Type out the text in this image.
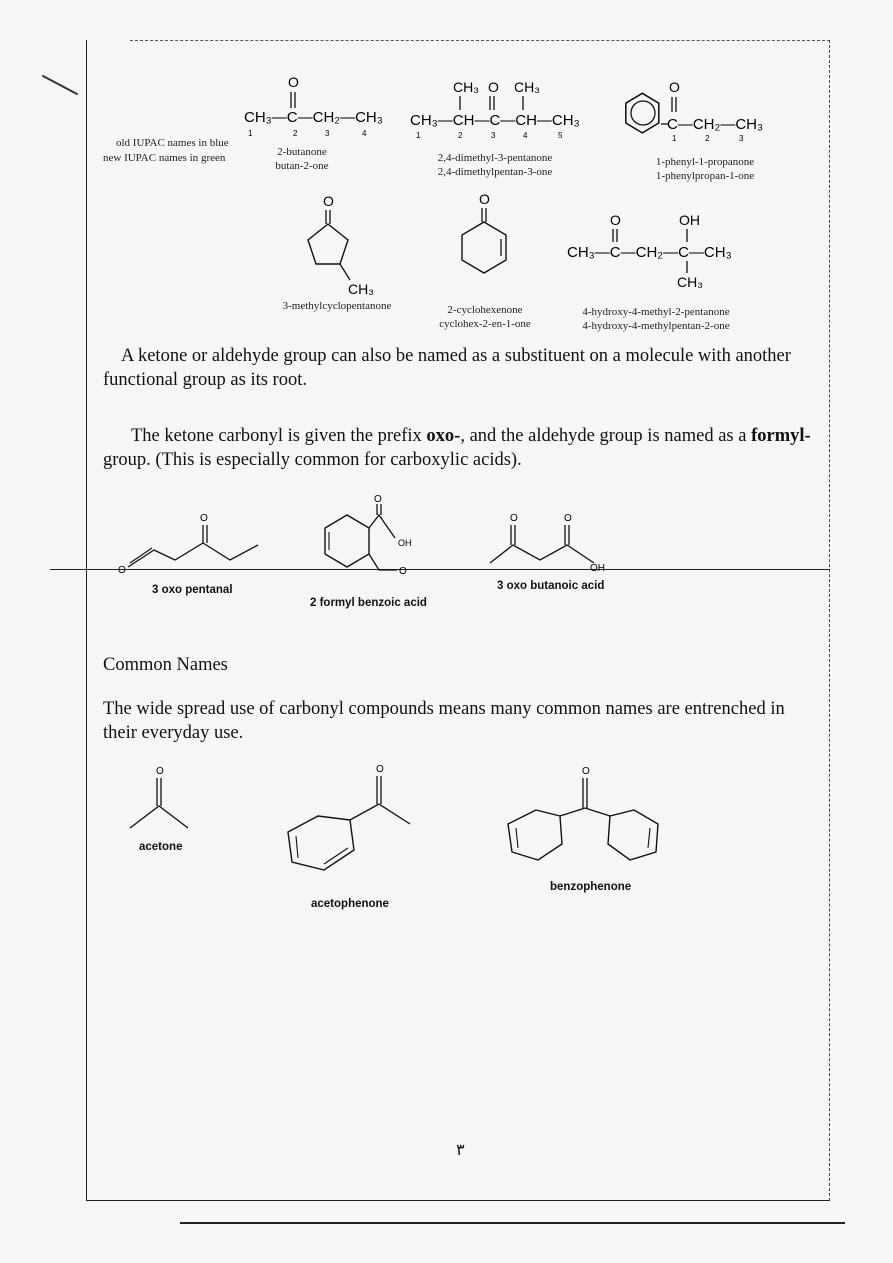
old IUPAC names in blue
new IUPAC names in green
O
CH₃—C—CH₂—CH₃
1	2	3	4
CH₃ O CH₃
CH₃—CH—C—CH—CH₃
1	2	3	4	5
O
C—CH₂—CH₃
1	2	3
2-butanone
butan-2-one
2,4-dimethyl-3-pentanone
2,4-dimethylpentan-3-one
1-phenyl-1-propanone
1-phenylpropan-1-one
O
CH₃
O
O	OH
CH₃—C—CH₂—C—CH₃
CH₃
3-methylcyclopentanone	2-cyclohexenone
cyclohex-2-en-1-one
4-hydroxy-4-methyl-2-pentanone
4-hydroxy-4-methylpentan-2-one
A ketone or aldehyde group can also be named as a substituent on a molecule with another functional group as its root.
The ketone carbonyl is given the prefix oxo-, and the aldehyde group is named as a formyl- group. (This is especially common for carboxylic acids).
O
O
O
OH
O
O	O
OH
3 oxo pentanal
2 formyl benzoic acid
3 oxo butanoic acid
Common Names
The wide spread use of carbonyl compounds means many common names are entrenched in their everyday use.
O
acetone
O
acetophenone
O
benzophenone
٣
